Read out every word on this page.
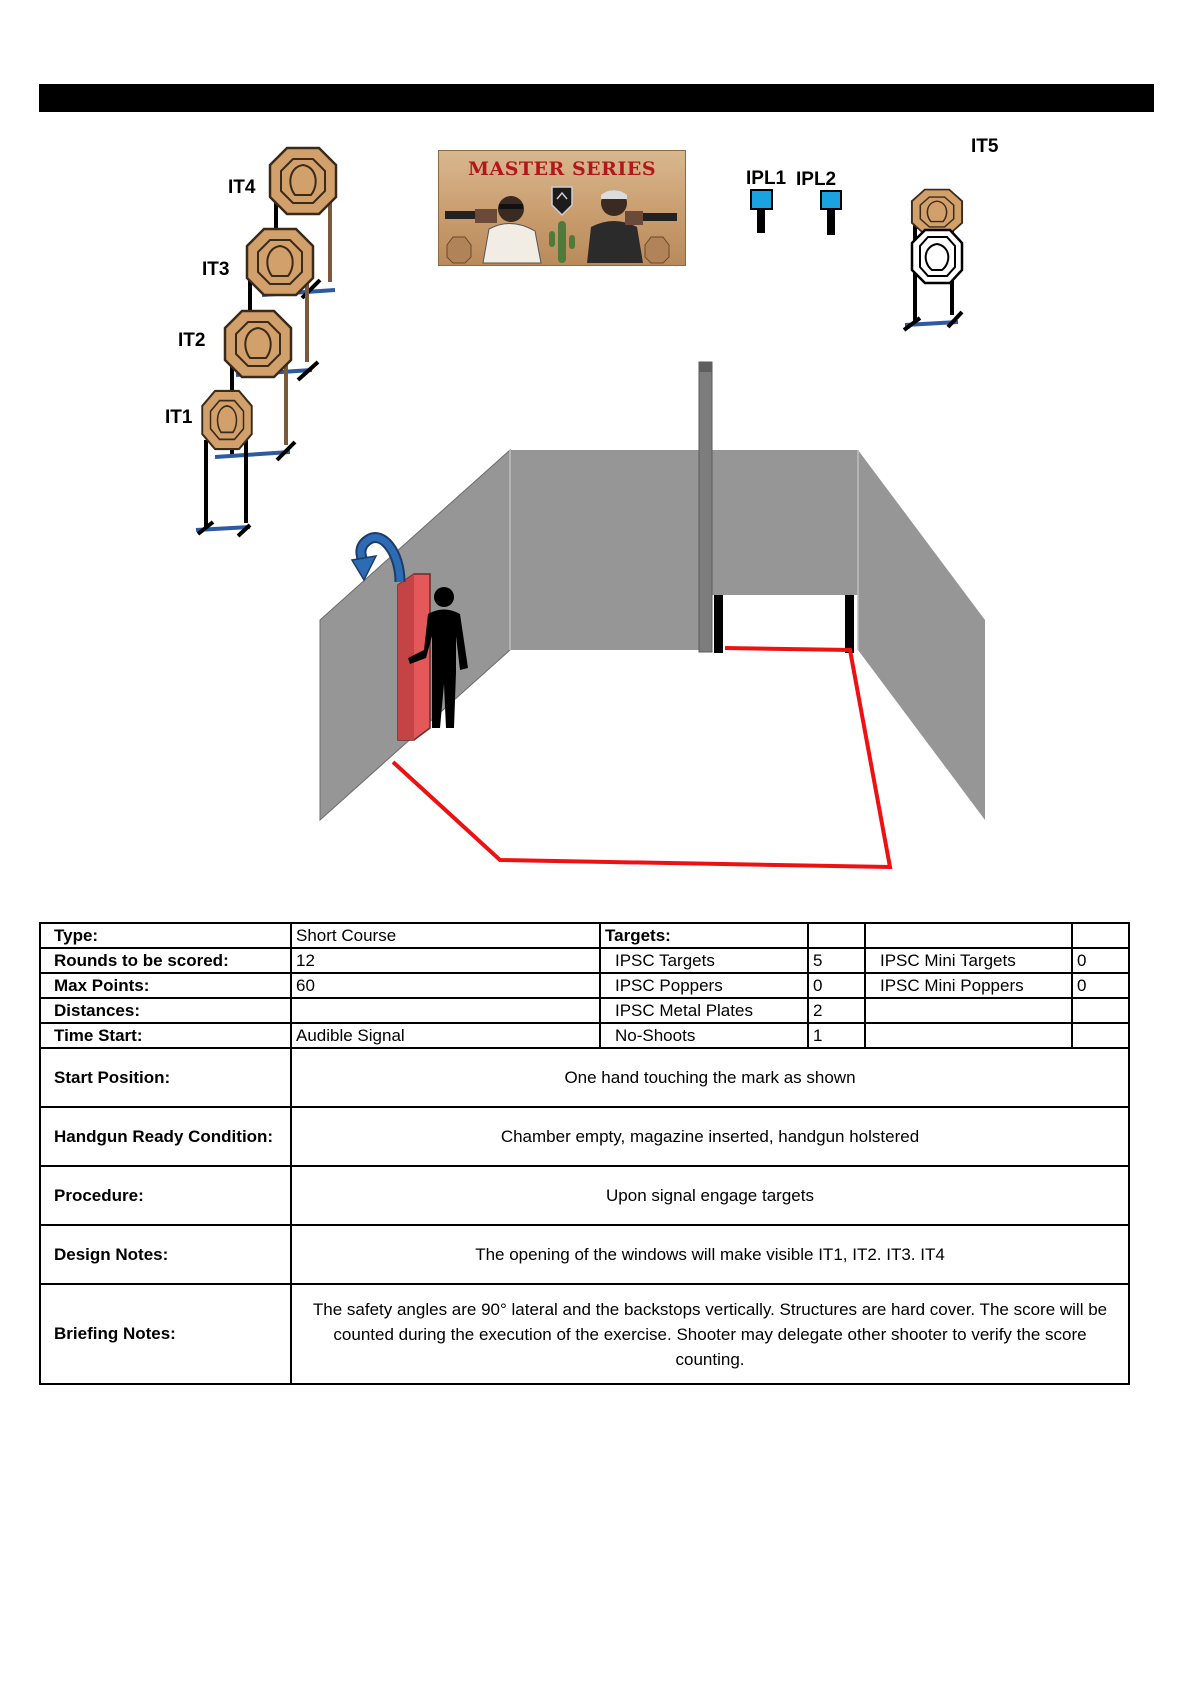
IT4
IT3
IT2
IT1
IT5
IPL1 IPL2
MASTER SERIES
Type:	Short Course	Targets:			
Rounds to be scored:	12	IPSC Targets	5	IPSC Mini Targets	0
Max Points:	60	IPSC Poppers	0	IPSC Mini Poppers	0
Distances:		IPSC Metal Plates	2		
Time Start:	Audible Signal	No-Shoots	1		
Start Position:	One hand touching the mark as shown				
Handgun Ready Condition:	Chamber empty, magazine inserted, handgun holstered				
Procedure:	Upon signal engage targets				
Design Notes:	The opening of the windows will make visible IT1, IT2. IT3. IT4				
Briefing Notes:	The safety angles are 90° lateral and the backstops vertically. Structures are hard cover. The score will be counted during the execution of the exercise. Shooter may delegate other shooter to verify the score counting.				
